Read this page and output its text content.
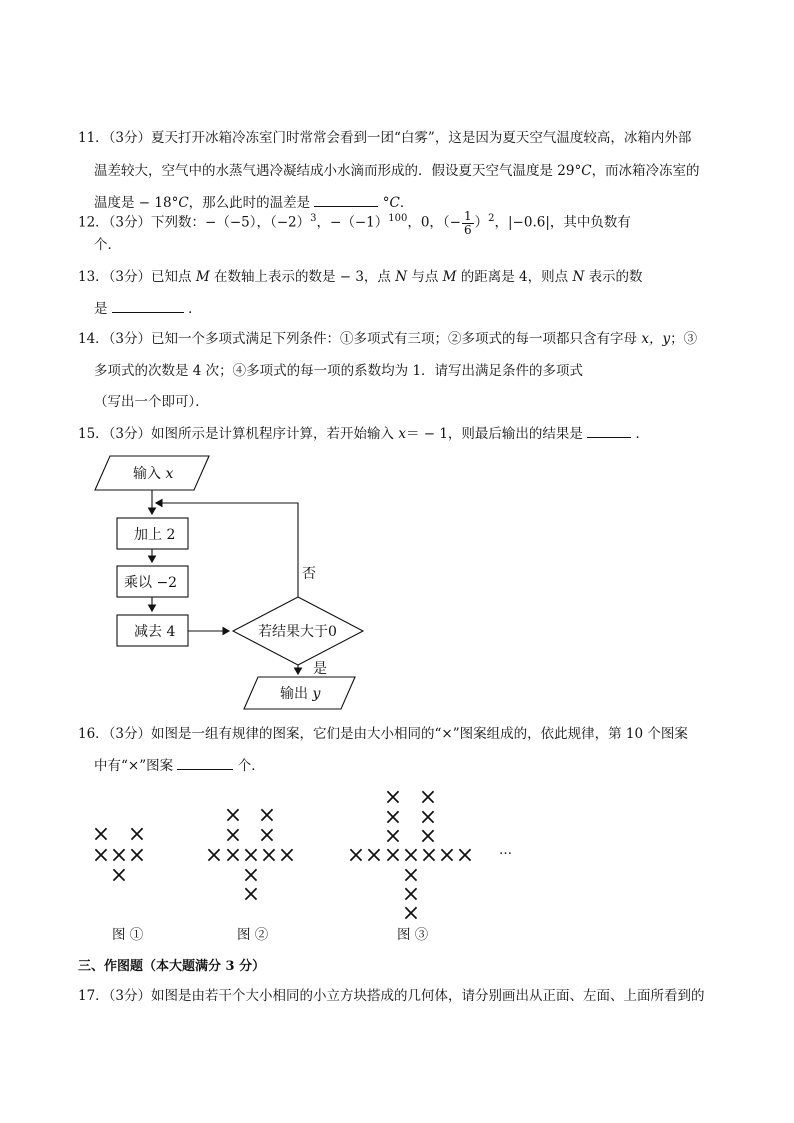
11．（3分）夏天打开冰箱冷冻室门时常常会看到一团“白雾”，这是因为夏天空气温度较高，冰箱内外部
温差较大，空气中的水蒸气遇冷凝结成小水滴而形成的．假设夏天空气温度是 29°C，而冰箱冷冻室的
温度是 − 18°C，那么此时的温差是	°C．
12．（3分）下列数：−（−5），$(-2)^3$，$-(-1)^{100}$，0，（− $\frac{1}{6} )^2$，|−0.6|，其中负数有
个．
13．（3分）已知点 M 在数轴上表示的数是 − 3，点 N 与点 M 的距离是 4，则点 N 表示的数
是	．
14．（3分）已知一个多项式满足下列条件：①多项式有三项；②多项式的每一项都只含有字母 x，y；③
多项式的次数是 4 次；④多项式的每一项的系数均为 1．请写出满足条件的多项式
（写出一个即可）．
15．（3分）如图所示是计算机程序计算，若开始输入 x＝ − 1，则最后输出的结果是	．
输入 x
加上 2
乘以 −2
减去 4	若结果大于0
否
是
输出 y
16．（3分）如图是一组有规律的图案，它们是由大小相同的“×”图案组成的，依此规律，第 10 个图案
中有“×”图案	个．
× ×
× × ×
×
× ×
× ×
× × × × ×
×
×
× ×
× ×
× ×
× × × × × × ×
×
×
×
…
图 ①	图 ②	图 ③
三、作图题（本大题满分 3 分）
17．（3分）如图是由若干个大小相同的小立方块搭成的几何体，请分别画出从正面、左面、上面所看到的
